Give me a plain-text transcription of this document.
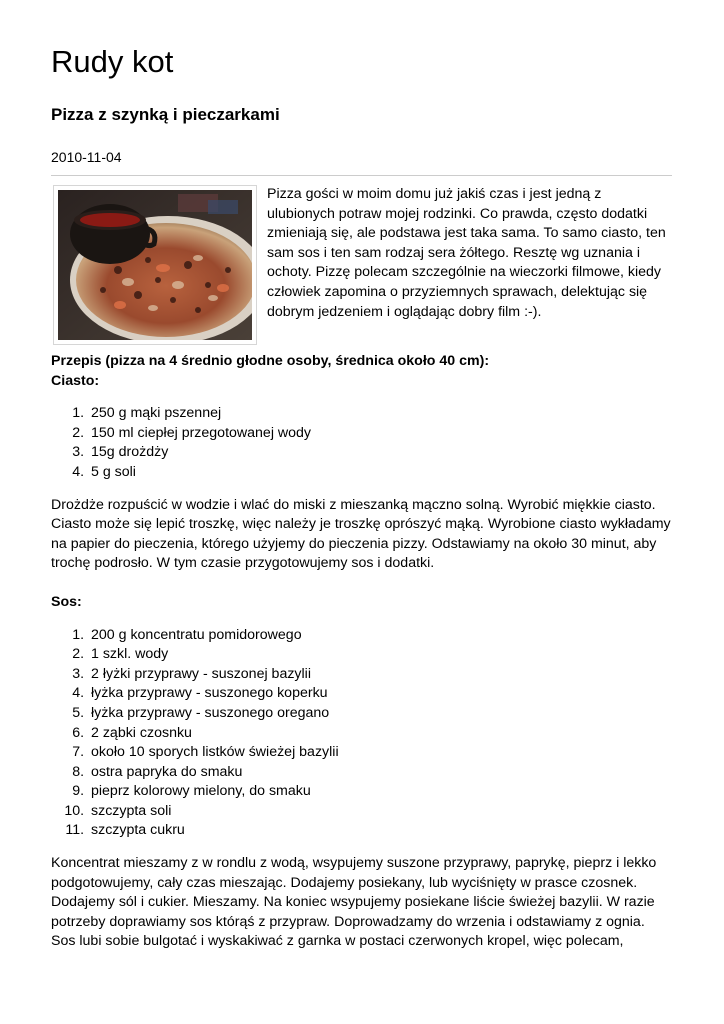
Rudy kot
Pizza z szynką i pieczarkami
2010-11-04

Pizza gości w moim domu już jakiś czas i jest jedną z ulubionych potraw mojej rodzinki. Co prawda, często dodatki zmieniają się, ale podstawa jest taka sama. To samo ciasto, ten sam sos i ten sam rodzaj sera żółtego. Resztę wg uznania i ochoty. Pizzę polecam szczególnie na wieczorki filmowe, kiedy człowiek zapomina o przyziemnych sprawach, delektując się dobrym jedzeniem i oglądając dobry film :-).

Przepis (pizza na 4 średnio głodne osoby, średnica około 40 cm):

Ciasto:

1. 250 g mąki pszennej
2. 150 ml ciepłej przegotowanej wody
3. 15g drożdży
4. 5 g soli

Drożdże rozpuścić w wodzie i wlać do miski z mieszanką mączno solną. Wyrobić miękkie ciasto. Ciasto może się lepić troszkę, więc należy je troszkę oprószyć mąką. Wyrobione ciasto wykładamy na papier do pieczenia, którego użyjemy do pieczenia pizzy. Odstawiamy na około 30 minut, aby trochę podrosło. W tym czasie przygotowujemy sos i dodatki.

Sos:

1. 200 g koncentratu pomidorowego
2. 1 szkl. wody
3. 2 łyżki przyprawy - suszonej bazylii
4. łyżka przyprawy - suszonego koperku
5. łyżka przyprawy - suszonego oregano
6. 2 ząbki czosnku
7. około 10 sporych listków świeżej bazylii
8. ostra papryka do smaku
9. pieprz kolorowy mielony, do smaku
10. szczypta soli
11. szczypta cukru

Koncentrat mieszamy z w rondlu z wodą, wsypujemy suszone przyprawy, paprykę, pieprz i lekko podgotowujemy, cały czas mieszając. Dodajemy posiekany, lub wyciśnięty w prasce czosnek. Dodajemy sól i cukier. Mieszamy. Na koniec wsypujemy posiekane liście świeżej bazylii. W razie potrzeby doprawiamy sos którąś z przypraw. Doprowadzamy do wrzenia i odstawiamy z ognia.

Sos lubi sobie bulgotać i wyskakiwać z garnka w postaci czerwonych kropel, więc polecam,
